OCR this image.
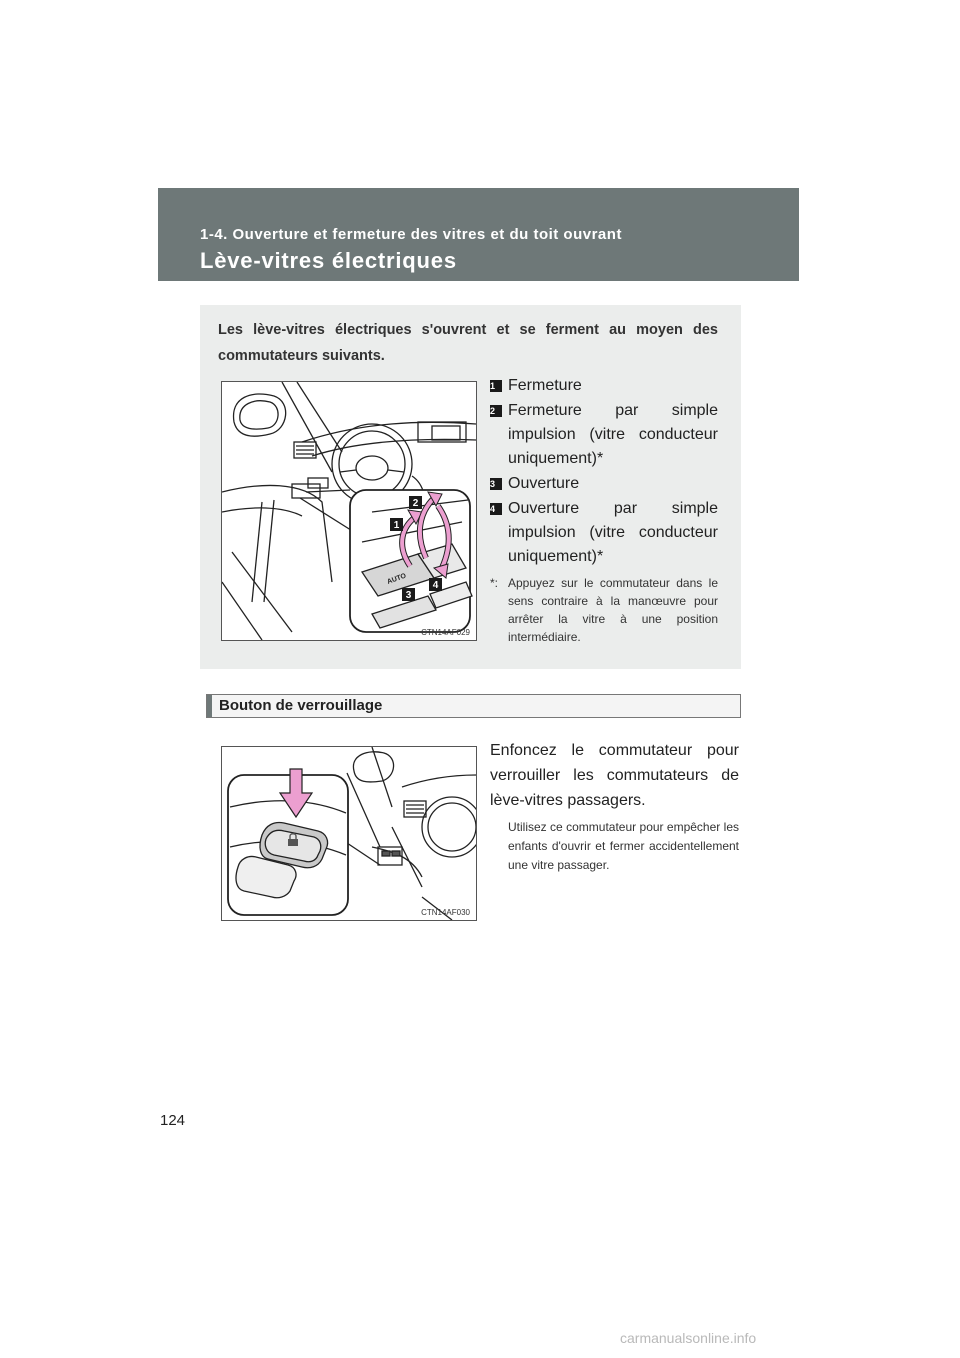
1-4. Ouverture et fermeture des vitres et du toit ouvrant
Lève-vitres électriques
Les lève-vitres électriques s'ouvrent et se ferment au moyen des commutateurs suivants.
2
1
3
4
AUTO
CTN14AF029
1 Fermeture
2 Fermeture par simple impulsion (vitre conducteur uniquement)*
3 Ouverture
4 Ouverture par simple impulsion (vitre conducteur uniquement)*
*: Appuyez sur le commutateur dans le sens contraire à la manœuvre pour arrêter la vitre à une position intermédiaire.
Bouton de verrouillage
CTN14AF030
Enfoncez le commutateur pour verrouiller les commutateurs de lève-vitres passagers.
Utilisez ce commutateur pour empêcher les enfants d'ouvrir et fermer accidentellement une vitre passager.
124
carmanualsonline.info
